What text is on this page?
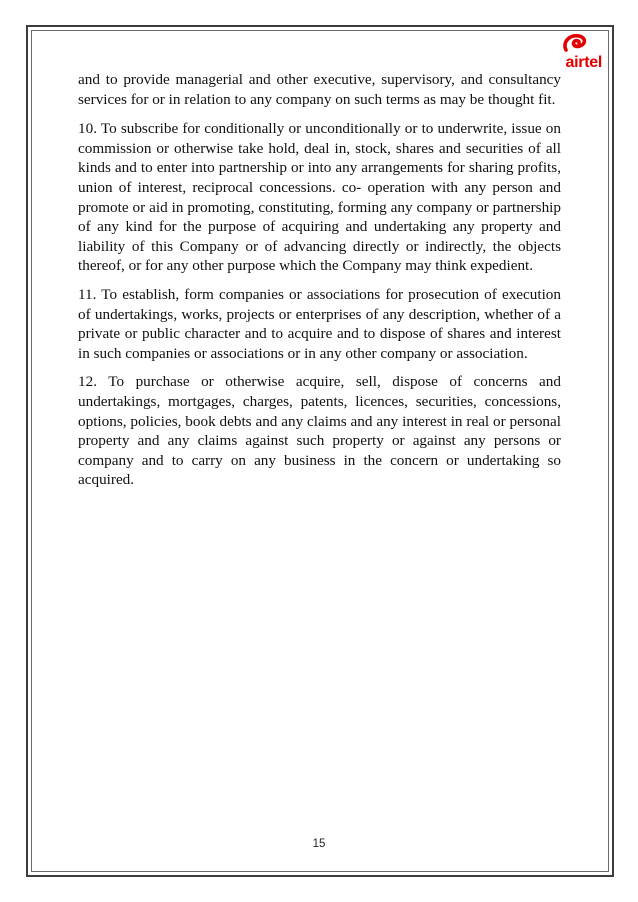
airtel

and to provide managerial and other executive, supervisory, and consultancy services for or in relation to any company on such terms as may be thought fit.

10. To subscribe for conditionally or unconditionally or to underwrite, issue on commission or otherwise take hold, deal in, stock, shares and securities of all kinds and to enter into partnership or into any arrangements for sharing profits, union of interest, reciprocal concessions. co- operation with any person and promote or aid in promoting, constituting, forming any company or partnership of any kind for the purpose of acquiring and undertaking any property and liability of this Company or of advancing directly or indirectly, the objects thereof, or for any other purpose which the Company may think expedient.

11. To establish, form companies or associations for prosecution of execution of undertakings, works, projects or enterprises of any description, whether of a private or public character and to acquire and to dispose of shares and interest in such companies or associations or in any other company or association.

12. To purchase or otherwise acquire, sell, dispose of concerns and undertakings, mortgages, charges, patents, licences, securities, concessions, options, policies, book debts and any claims and any interest in real or personal property and any claims against such property or against any persons or company and to carry on any business in the concern or undertaking so acquired.

15
